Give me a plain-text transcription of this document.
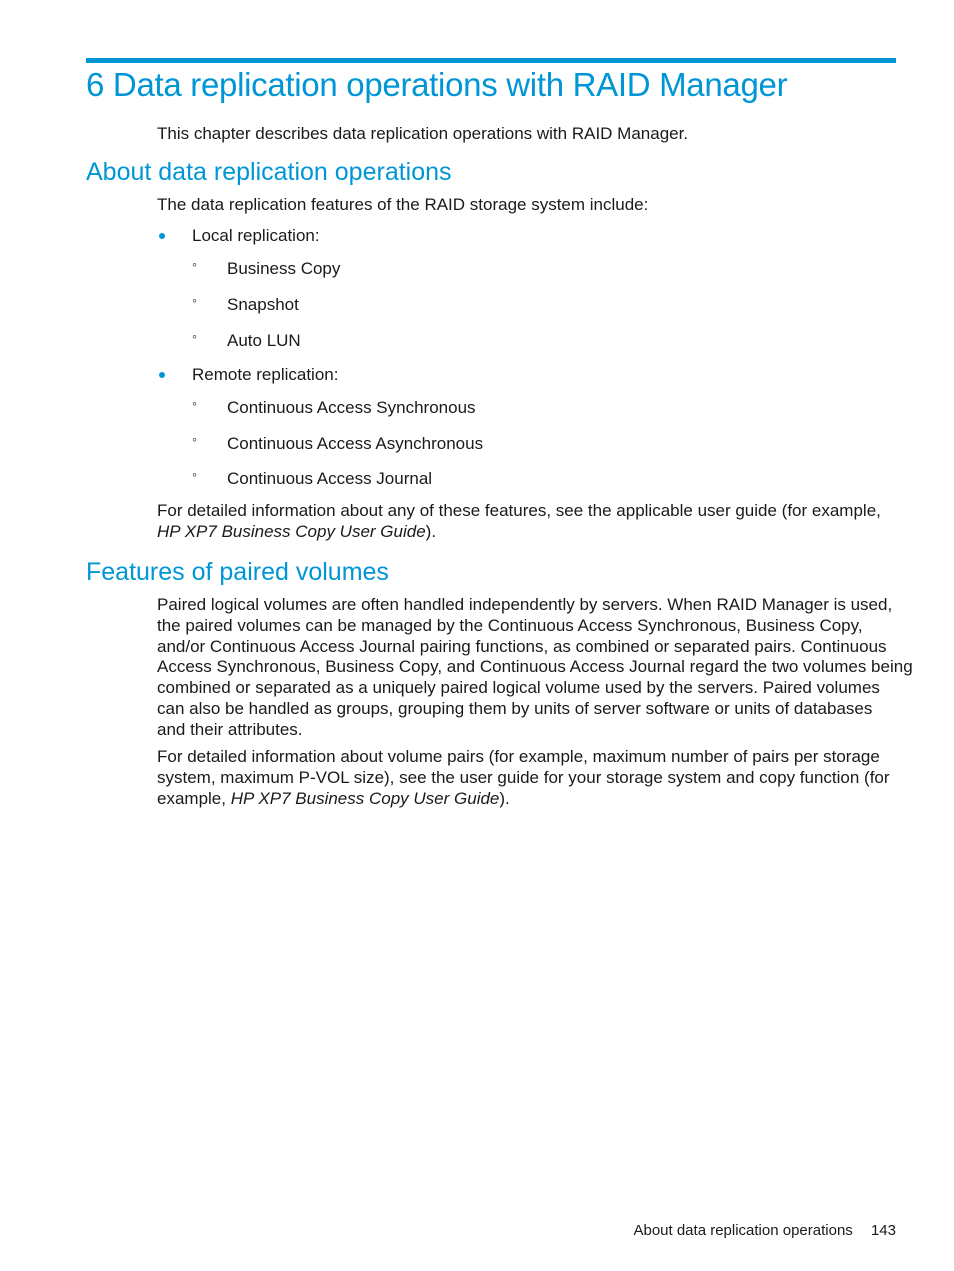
6 Data replication operations with RAID Manager

This chapter describes data replication operations with RAID Manager.

About data replication operations

The data replication features of the RAID storage system include:

Local replication:
◦ Business Copy
◦ Snapshot
◦ Auto LUN
Remote replication:
◦ Continuous Access Synchronous
◦ Continuous Access Asynchronous
◦ Continuous Access Journal

For detailed information about any of these features, see the applicable user guide (for example,
HP XP7 Business Copy User Guide).

Features of paired volumes

Paired logical volumes are often handled independently by servers. When RAID Manager is used,
the paired volumes can be managed by the Continuous Access Synchronous, Business Copy,
and/or Continuous Access Journal pairing functions, as combined or separated pairs. Continuous
Access Synchronous, Business Copy, and Continuous Access Journal regard the two volumes being
combined or separated as a uniquely paired logical volume used by the servers. Paired volumes
can also be handled as groups, grouping them by units of server software or units of databases
and their attributes.

For detailed information about volume pairs (for example, maximum number of pairs per storage
system, maximum P-VOL size), see the user guide for your storage system and copy function (for
example, HP XP7 Business Copy User Guide).

About data replication operations 143
